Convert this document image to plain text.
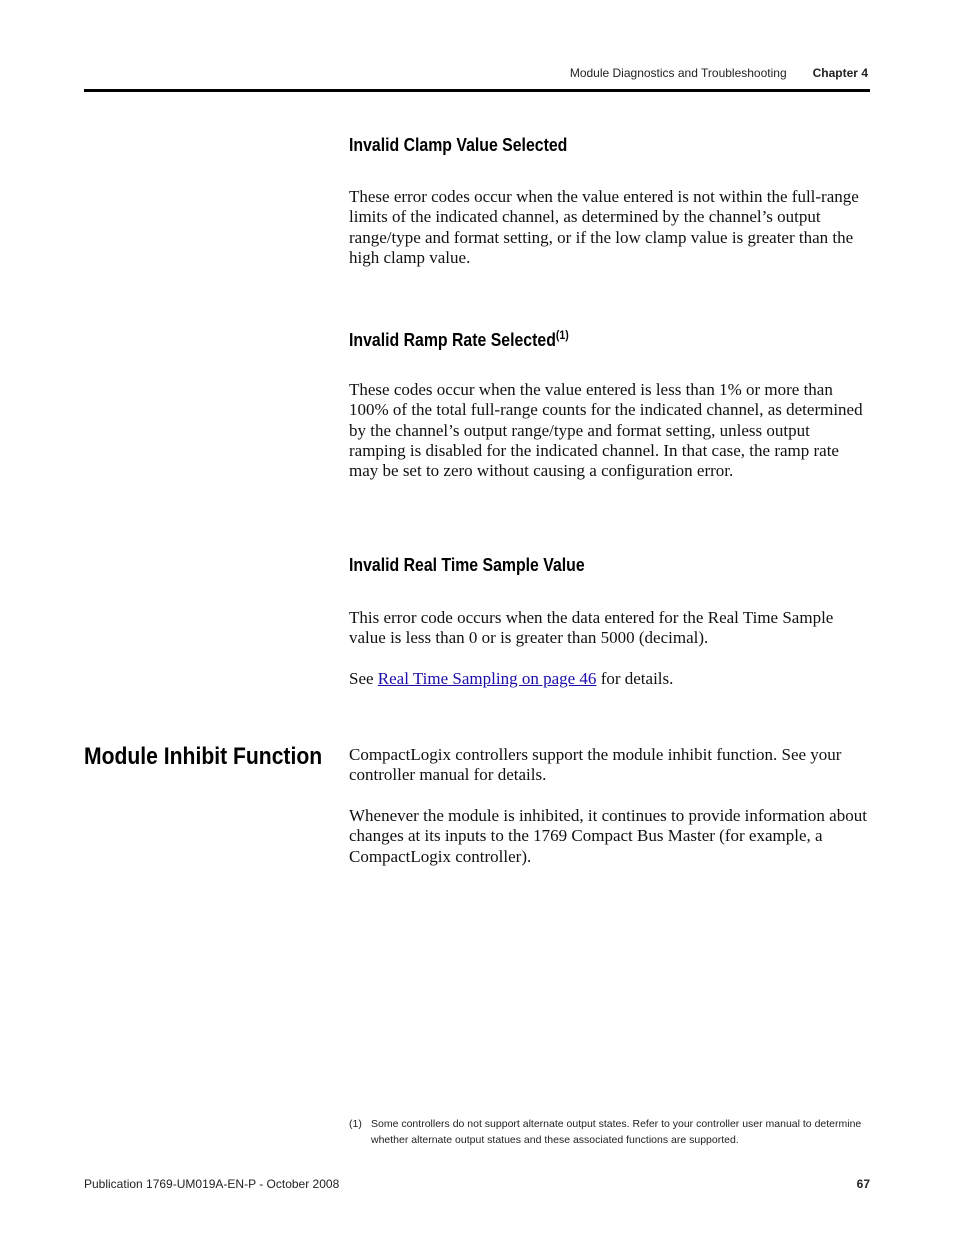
Module Diagnostics and Troubleshooting Chapter 4
Invalid Clamp Value Selected

These error codes occur when the value entered is not within the full-range limits of the indicated channel, as determined by the channel’s output range/type and format setting, or if the low clamp value is greater than the high clamp value.

Invalid Ramp Rate Selected$^{(1)}$

These codes occur when the value entered is less than 1% or more than 100% of the total full-range counts for the indicated channel, as determined by the channel’s output range/type and format setting, unless output ramping is disabled for the indicated channel. In that case, the ramp rate may be set to zero without causing a configuration error.

Invalid Real Time Sample Value

This error code occurs when the data entered for the Real Time Sample value is less than 0 or is greater than 5000 (decimal).

See Real Time Sampling on page 46 for details.

Module Inhibit Function CompactLogix controllers support the module inhibit function. See your controller manual for details.

Whenever the module is inhibited, it continues to provide information about changes at its inputs to the 1769 Compact Bus Master (for example, a CompactLogix controller).

(1) Some controllers do not support alternate output states. Refer to your controller user manual to determine whether alternate output statues and these associated functions are supported.
Publication 1769-UM019A-EN-P - October 2008	67
